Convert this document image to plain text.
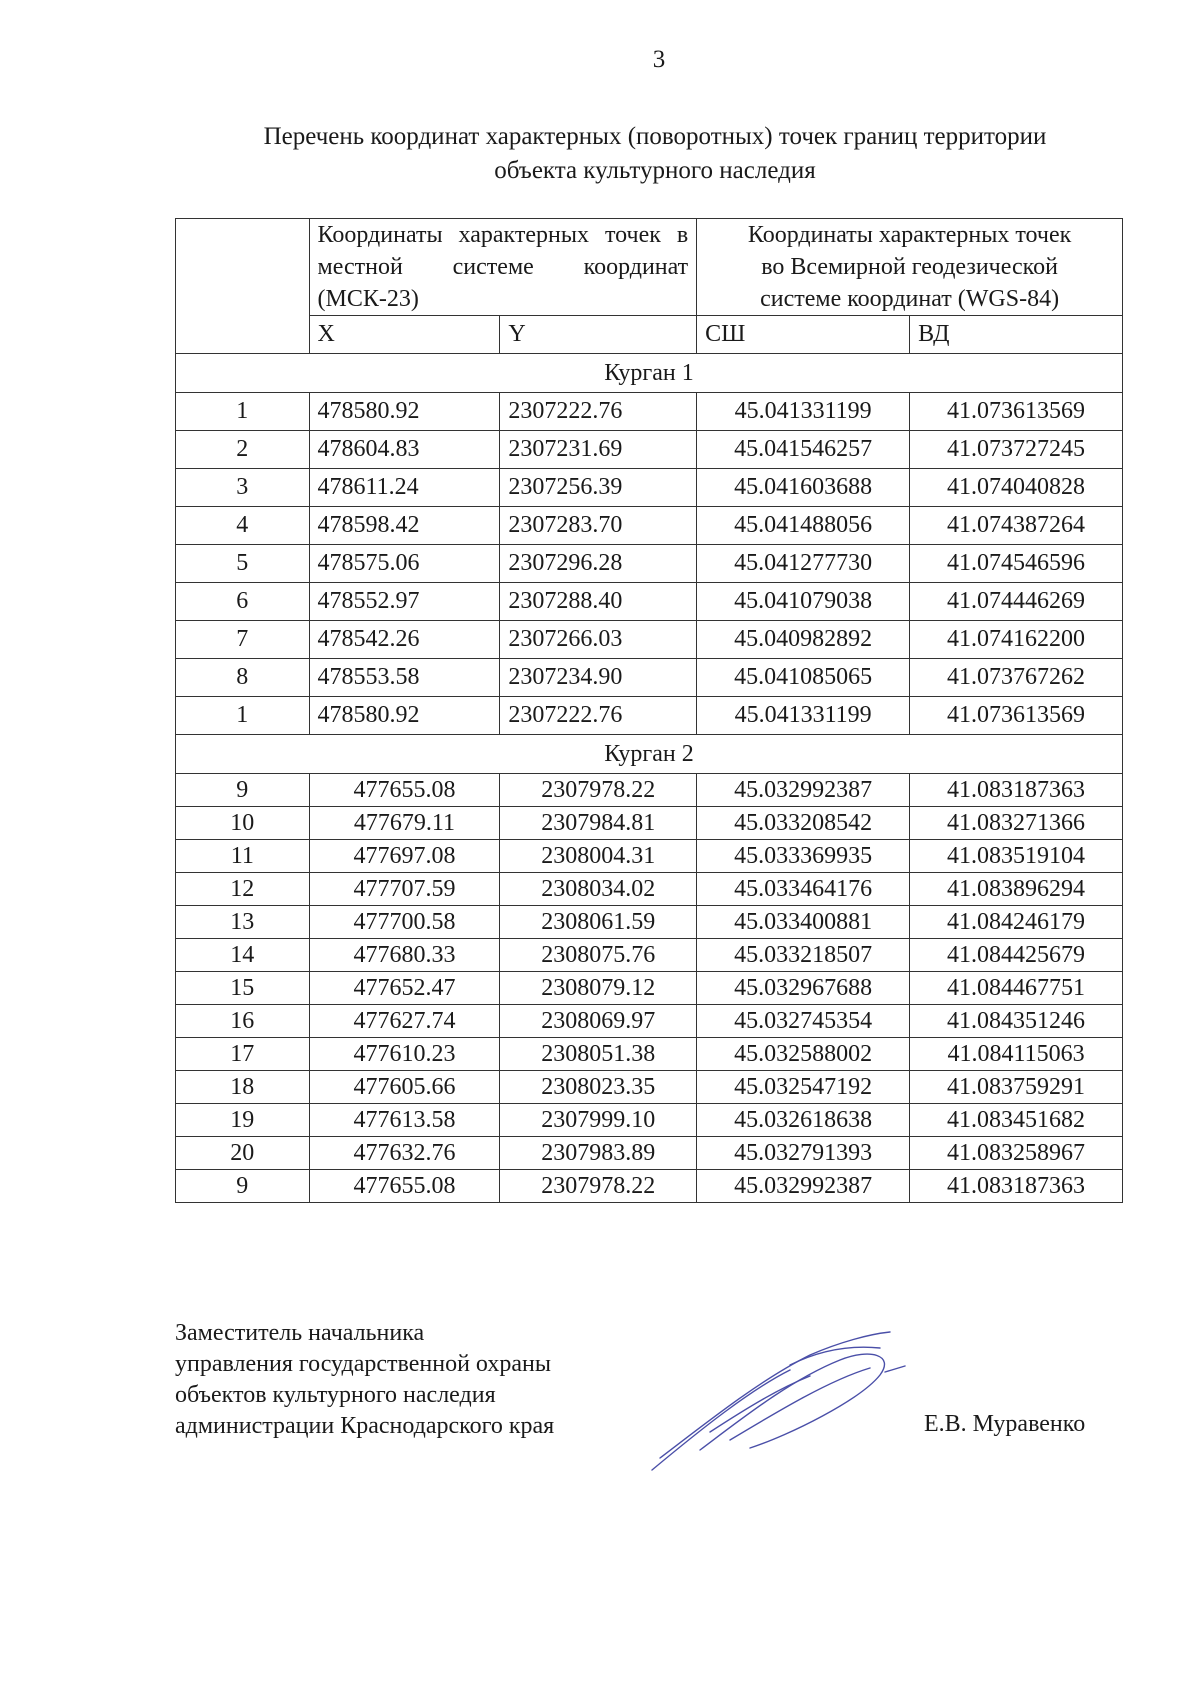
3
Перечень координат характерных (поворотных) точек границ территории
объекта культурного наследия
	Координаты характерных точек в местной системе координат (МСК-23)		Координаты характерных точек
во Всемирной геодезической
системе координат (WGS-84)	

	X	Y	СШ	ВД
Курган 1				
1	478580.92	2307222.76	45.041331199	41.073613569
2	478604.83	2307231.69	45.041546257	41.073727245
3	478611.24	2307256.39	45.041603688	41.074040828
4	478598.42	2307283.70	45.041488056	41.074387264
5	478575.06	2307296.28	45.041277730	41.074546596
6	478552.97	2307288.40	45.041079038	41.074446269
7	478542.26	2307266.03	45.040982892	41.074162200
8	478553.58	2307234.90	45.041085065	41.073767262
1	478580.92	2307222.76	45.041331199	41.073613569
Курган 2				
9	477655.08	2307978.22	45.032992387	41.083187363
10	477679.11	2307984.81	45.033208542	41.083271366
11	477697.08	2308004.31	45.033369935	41.083519104
12	477707.59	2308034.02	45.033464176	41.083896294
13	477700.58	2308061.59	45.033400881	41.084246179
14	477680.33	2308075.76	45.033218507	41.084425679
15	477652.47	2308079.12	45.032967688	41.084467751
16	477627.74	2308069.97	45.032745354	41.084351246
17	477610.23	2308051.38	45.032588002	41.084115063
18	477605.66	2308023.35	45.032547192	41.083759291
19	477613.58	2307999.10	45.032618638	41.083451682
20	477632.76	2307983.89	45.032791393	41.083258967
9	477655.08	2307978.22	45.032992387	41.083187363
Заместитель начальника
управления государственной охраны
объектов культурного наследия
администрации Краснодарского края	Е.В. Муравенко
